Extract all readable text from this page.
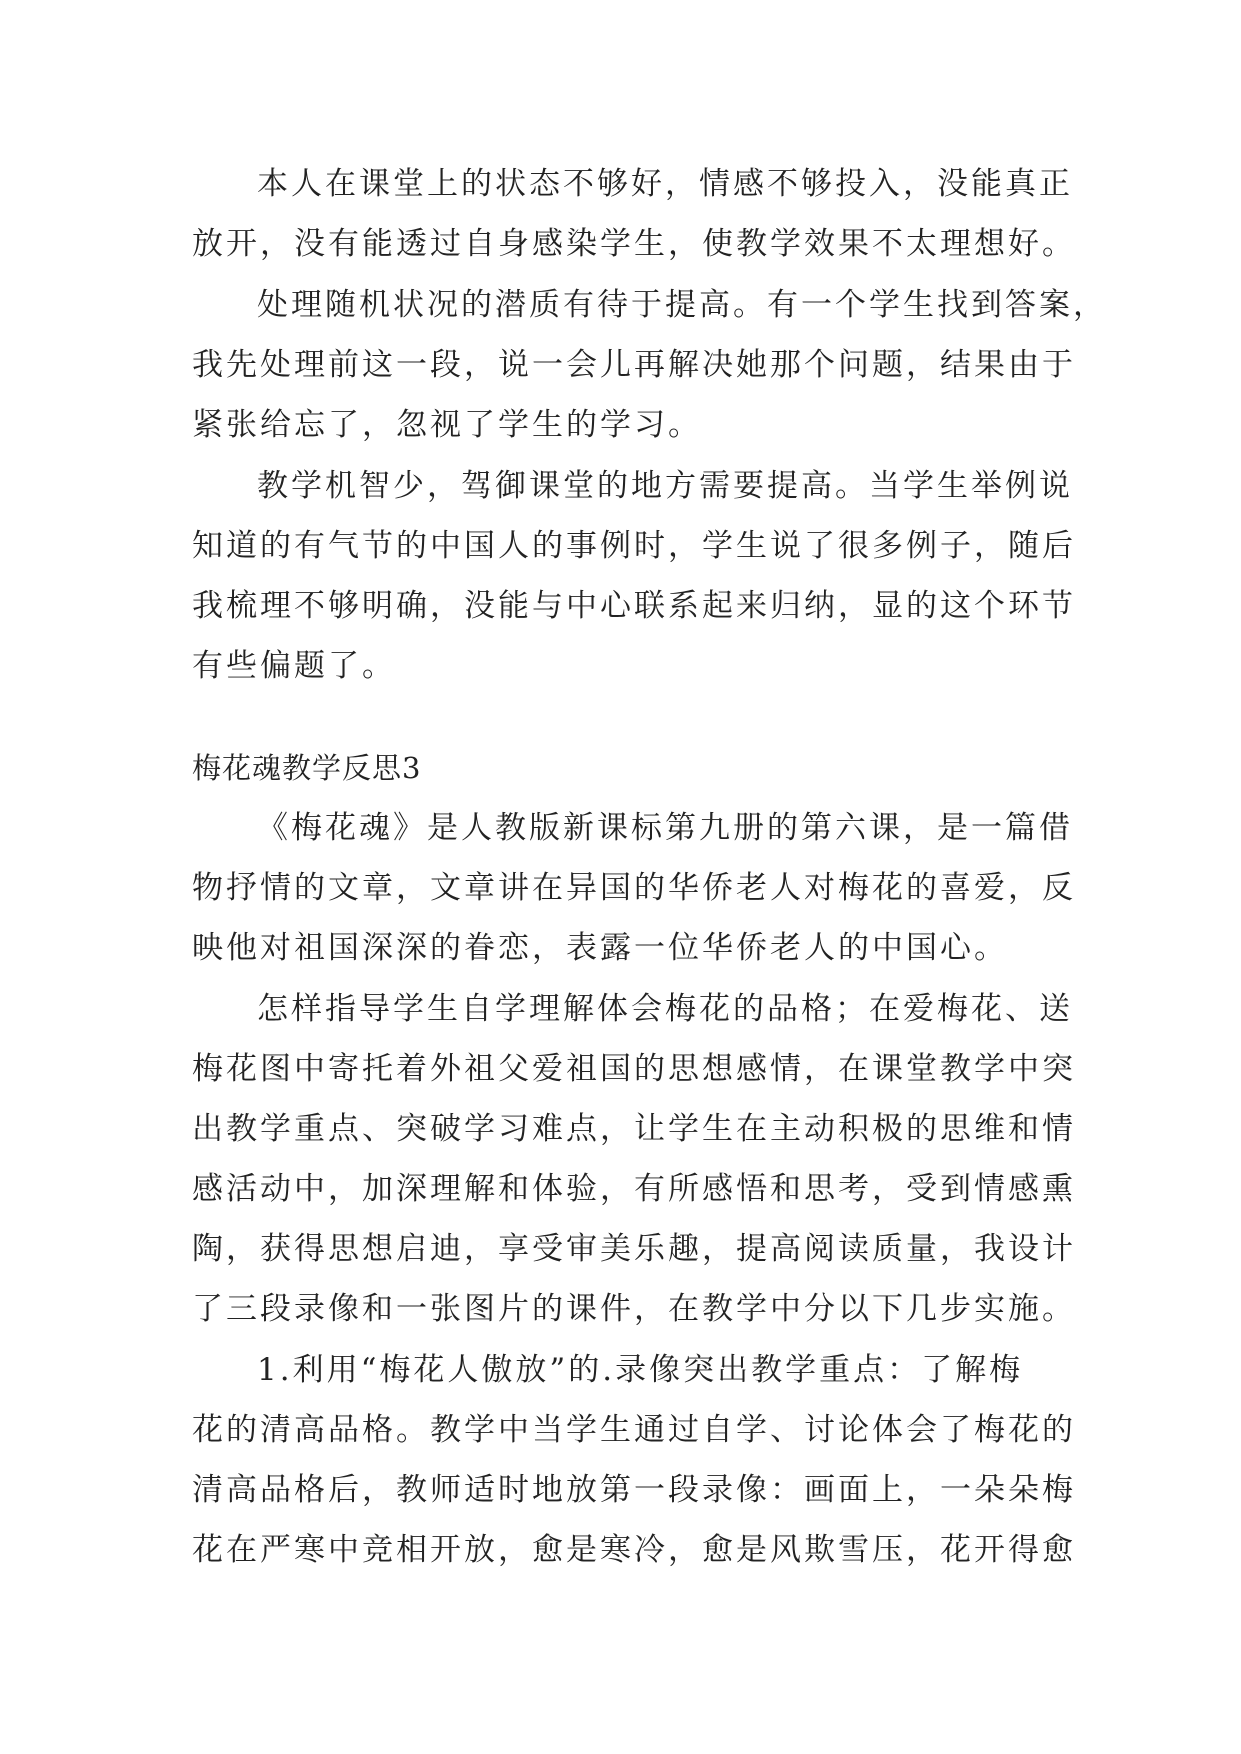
本人在课堂上的状态不够好，情感不够投入，没能真正
放开，没有能透过自身感染学生，使教学效果不太理想好。
处理随机状况的潜质有待于提高。有一个学生找到答案，
我先处理前这一段，说一会儿再解决她那个问题，结果由于
紧张给忘了，忽视了学生的学习。
教学机智少，驾御课堂的地方需要提高。当学生举例说
知道的有气节的中国人的事例时，学生说了很多例子，随后
我梳理不够明确，没能与中心联系起来归纳，显的这个环节
有些偏题了。
梅花魂教学反思3
《梅花魂》是人教版新课标第九册的第六课，是一篇借
物抒情的文章，文章讲在异国的华侨老人对梅花的喜爱，反
映他对祖国深深的眷恋，表露一位华侨老人的中国心。
怎样指导学生自学理解体会梅花的品格；在爱梅花、送
梅花图中寄托着外祖父爱祖国的思想感情，在课堂教学中突
出教学重点、突破学习难点，让学生在主动积极的思维和情
感活动中，加深理解和体验，有所感悟和思考，受到情感熏
陶，获得思想启迪，享受审美乐趣，提高阅读质量，我设计
了三段录像和一张图片的课件，在教学中分以下几步实施。
1.利用“梅花人傲放”的.录像突出教学重点：了解梅
花的清高品格。教学中当学生通过自学、讨论体会了梅花的
清高品格后，教师适时地放第一段录像：画面上，一朵朵梅
花在严寒中竞相开放，愈是寒冷，愈是风欺雪压，花开得愈
